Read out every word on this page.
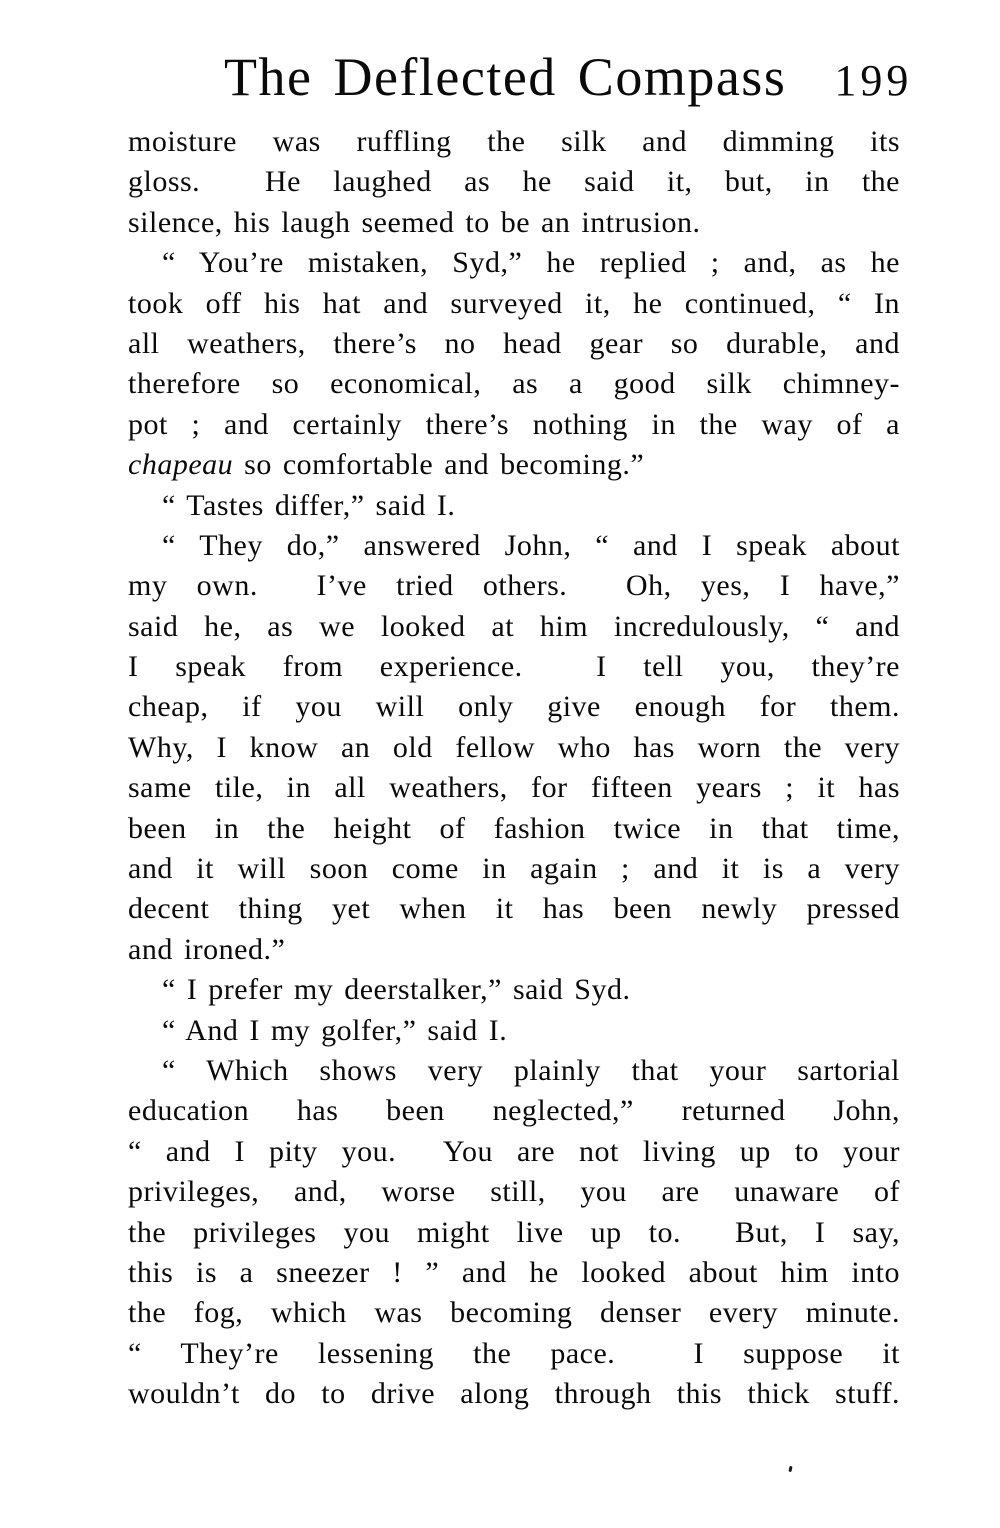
The Deflected Compass 199
moisture was ruffling the silk and dimming its
gloss.  He laughed as he said it, but, in the
silence, his laugh seemed to be an intrusion.
“ You’re mistaken, Syd,” he replied ; and, as he
took off his hat and surveyed it, he continued, “ In
all weathers, there’s no head gear so durable, and
therefore so economical, as a good silk chimney-
pot ; and certainly there’s nothing in the way of a
chapeau so comfortable and becoming.”
“ Tastes differ,” said I.
“ They do,” answered John, “ and I speak about
my own.  I’ve tried others.  Oh, yes, I have,”
said he, as we looked at him incredulously, “ and
I speak from experience.  I tell you, they’re
cheap, if you will only give enough for them.
Why, I know an old fellow who has worn the very
same tile, in all weathers, for fifteen years ; it has
been in the height of fashion twice in that time,
and it will soon come in again ; and it is a very
decent thing yet when it has been newly pressed
and ironed.”
“ I prefer my deerstalker,” said Syd.
“ And I my golfer,” said I.
“ Which shows very plainly that your sartorial
education has been neglected,” returned John,
“ and I pity you.  You are not living up to your
privileges, and, worse still, you are unaware of
the privileges you might live up to.  But, I say,
this is a sneezer ! ” and he looked about him into
the fog, which was becoming denser every minute.
“ They’re lessening the pace.  I suppose it
wouldn’t do to drive along through this thick stuff.
